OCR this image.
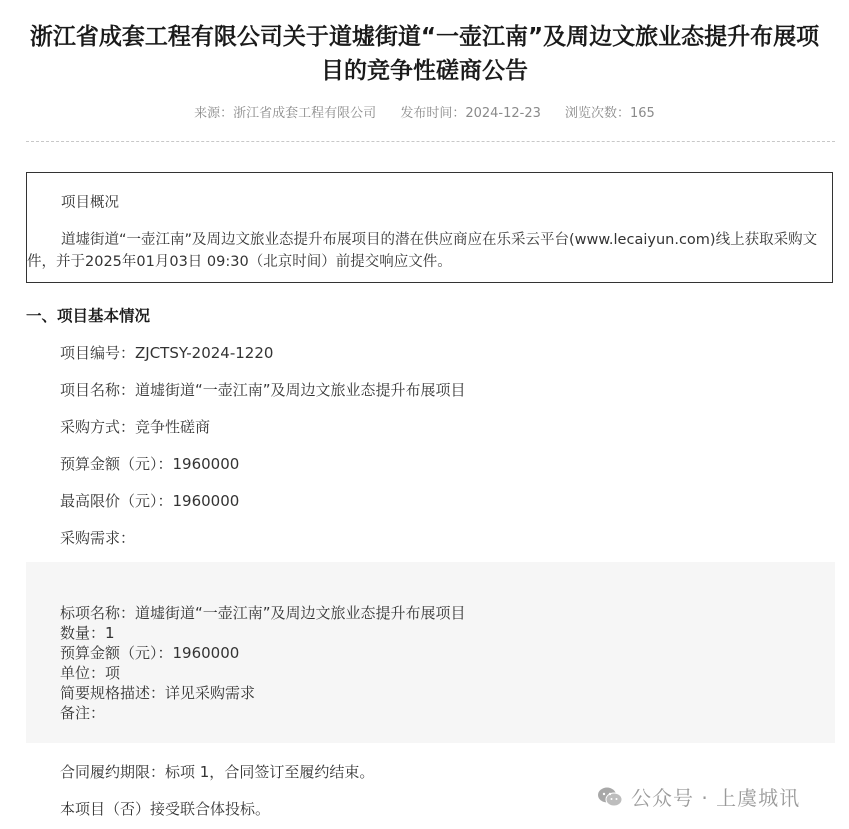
浙江省成套工程有限公司关于道墟街道“一壶江南”及周边文旅业态提升布展项目的竞争性磋商公告
来源：浙江省成套工程有限公司 发布时间：2024-12-23 浏览次数：165
项目概况
道墟街道“一壶江南”及周边文旅业态提升布展项目的潜在供应商应在乐采云平台(www.lecaiyun.com)线上获取采购文件，并于2025年01月03日 09:30（北京时间）前提交响应文件。
一、项目基本情况
项目编号：ZJCTSY-2024-1220
项目名称：道墟街道“一壶江南”及周边文旅业态提升布展项目
采购方式：竞争性磋商
预算金额（元）：1960000
最高限价（元）：1960000
采购需求：
标项名称：道墟街道“一壶江南”及周边文旅业态提升布展项目
数量：1
预算金额（元）：1960000
单位：项
简要规格描述：详见采购需求
备注：
合同履约期限：标项 1，合同签订至履约结束。
本项目（否）接受联合体投标。	公众号 · 上虞城讯
